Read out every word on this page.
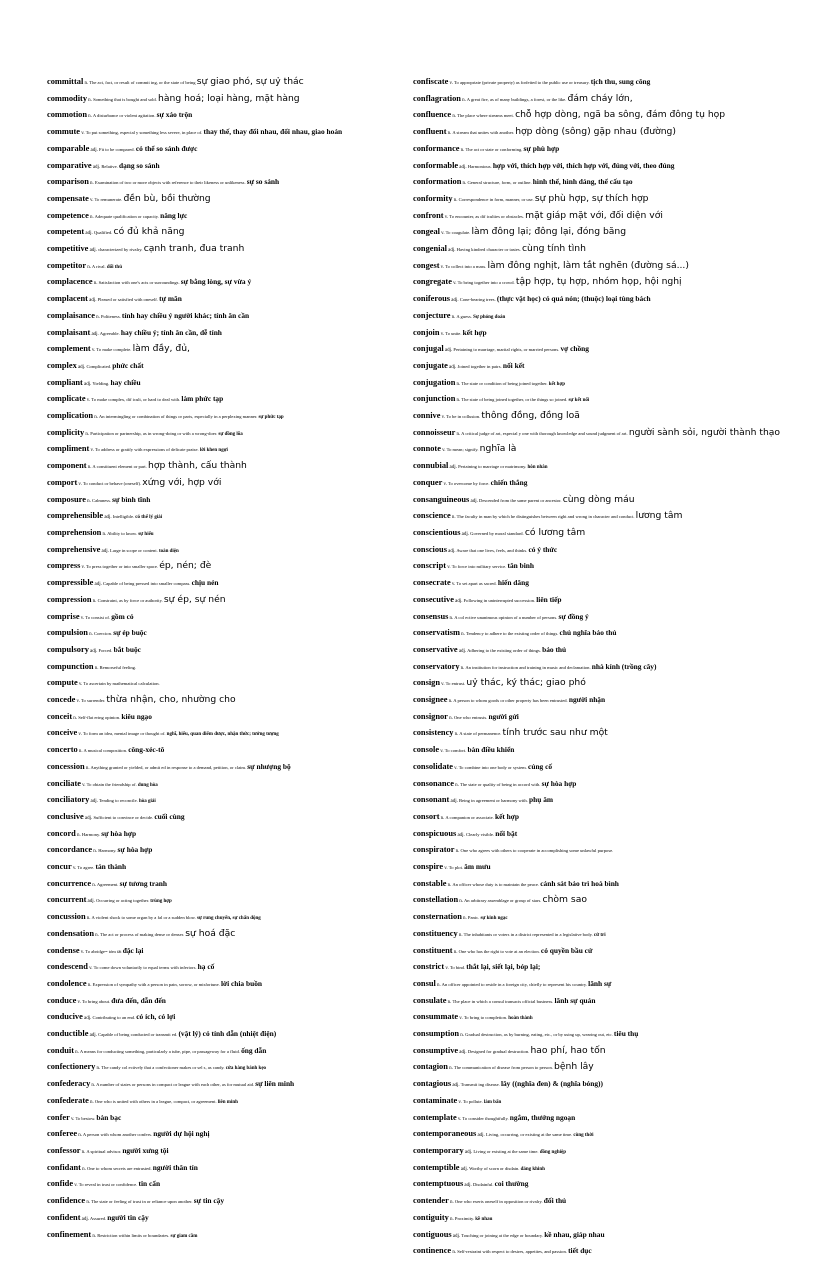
committal n. The act, fact, or result of commit ing, or the state of being sự giao phó, sự uỷ thác
commodity n. Something that is bought and sold. hàng hoá; loại hàng, mặt hàng
commotion n. A disturbance or violent agitation. sự xáo trộn
commute v. To put something, especial y something less severe, in place of. thay thế, thay đổi nhau, đổi nhau, giao hoán
comparable adj. Fit to be compared. có thể so sánh được
comparative adj. Relative. dạng so sánh
comparison n. Examination of two or more objects with reference to their likeness or unlikeness. sự so sánh
compensate v. To remunerate. đền bù, bồi thường
competence n. Adequate qualification or capacity. năng lực
competent adj. Qualified. có đủ khả năng
competitive adj. characterized by rivalry. cạnh tranh, đua tranh
competitor n. A rival. đối thủ
complacence n. Satisfaction with one's acts or surroundings. sự bằng lòng, sự vừa ý
complacent adj. Pleased or satisfied with oneself. tự mãn
complaisance n. Politeness. tính hay chiều ý người khác; tính ân cần
complaisant adj. Agreeable. hay chiều ý; tính ân cần, dễ tính
complement v. To make complete. làm đầy, đủ,
complex adj. Complicated. phức chất
compliant adj. Yielding. hay chiều
complicate v. To make complex, dif icult, or hard to deal with. làm phức tạp
complication n. An intermingling or combination of things or parts, especially in a perplexing manner. sự phức tạp
complicity n. Participation or partnership, as in wrong-doing or with a wrong-doer. sự đồng lõa
compliment v. To address or gratify with expressions of delicate praise. lời khen ngợi
component n. A constituent element or part. hợp thành, cấu thành
comport v. To conduct or behave (oneself). xứng với, hợp với
composure n. Calmness. sự bình tĩnh
comprehensible adj. Intelligible. có thể lý giải
comprehension n. Ability to know. sự hiểu
comprehensive adj. Large in scope or content. toàn diện
compress v. To press together or into smaller space. ép, nén; đè
compressible adj. Capable of being pressed into smaller compass. chịu nén
compression n. Constraint, as by force or authority. sự ép, sự nén
comprise v. To consist of. gồm có
compulsion n. Coercion. sự ép buộc
compulsory adj. Forced. bắt buộc
compunction n. Remorseful feeling.
compute v. To ascertain by mathematical calculation.
concede v. To surrender. thừa nhận, cho, nhường cho
conceit n. Self-flat ering opinion. kiêu ngạo
conceive v. To form an idea, mental image or thought of. nghĩ, hiểu, quan điểm được, nhận thức; tưởng tượng
concerto n. A musical composition. công-xéc-tô
concession n. Anything granted or yielded, or admit ed in response to a demand, petition, or claim. sự nhượng bộ
conciliate v. To obtain the friendship of. dung hòa
conciliatory adj. Tending to reconcile. hòa giải
conclusive adj. Sufficient to convince or decide. cuối cùng
concord n. Harmony. sự hòa hợp
concordance n. Harmony. sự hòa hợp
concur v. To agree. tán thành
concurrence n. Agreement. sự tương tranh
concurrent adj. Occurring or acting together. trùng hợp
concussion n. A violent shock to some organ by a fal or a sudden blow. sự rung chuyển, sự chấn động
condensation n. The act or process of making dense or denser. sự hoá đặc
condense v. To abridge= tóm tắt đặc lại
condescend v. To come down voluntarily to equal terms with inferiors. hạ cố
condolence n. Expression of sympathy with a person in pain, sorrow, or misfortune. lời chia buồn
conduce v. To bring about. đưa đến, dẫn đến
conducive adj. Contributing to an end. có ích, có lợi
conductible adj. Capable of being conducted or transmit ed. (vật lý) có tính dẫn (nhiệt điện)
conduit n. A means for conducting something, particularly a tube, pipe, or passageway for a fluid. ống dẫn
confectionery n. The candy col ectively that a confectioner makes or sel s, as candy. cửa hàng bánh kẹo
confederacy n. A number of states or persons in compact or league with each other, as for mutual aid. sự liên minh
confederate n. One who is united with others in a league, compact, or agreement. liên minh
confer v. To bestow. bàn bạc
conferee n. A person with whom another confers. người dự hội nghị
confessor n. A spiritual advisor. người xưng tội
confidant n. One to whom secrets are entrusted. người thân tín
confide v. To reveal in trust or confidence. tin cẩn
confidence n. The state or feeling of trust in or reliance upon another. sự tin cậy
confident adj. Assured. người tin cậy
confinement n. Restriction within limits or boundaries. sự giam cầm
confiscate v. To appropriate (private property) as forfeited to the public use or treasury. tịch thu, sung công
conflagration n. A great fire, as of many buildings, a forest, or the like. đám cháy lớn,
confluence n. The place where streams meet. chỗ hợp dòng, ngã ba sông, đám đông tụ họp
confluent n. A stream that unites with another. hợp dòng (sông) gặp nhau (đường)
conformance n. The act or state or conforming. sự phù hợp
conformable adj. Harmonious. hợp với, thích hợp với, thích hợp với, đúng với, theo đúng
conformation n. General structure, form, or outline. hình thể, hình dáng, thể cấu tạo
conformity n. Correspondence in form, manner, or use. sự phù hợp, sự thích hợp
confront v. To encounter, as dif iculties or obstacles. mặt giáp mặt với, đối diện với
congeal v. To coagulate. làm đông lại; đông lại, đóng băng
congenial adj. Having kindred character or tastes. cùng tính tình
congest v. To collect into a mass. làm đông nghịt, làm tắt nghẽn (đường sá...)
congregate v. To bring together into a crowd. tập hợp, tụ hợp, nhóm họp, hội nghị
coniferous adj. Cone-bearing trees. (thực vật học) có quả nón; (thuộc) loại tùng bách
conjecture n. A guess. Sự phỏng đoán
conjoin v. To unite. kết hợp
conjugal adj. Pertaining to marriage, marital rights, or married persons. vợ chồng
conjugate adj. Joined together in pairs. nối kết
conjugation n. The state or condition of being joined together. kết hợp
conjunction n. The state of being joined together, or the things so joined. sự kết nối
connive v. To be in collusion. thông đồng, đồng loã
connoisseur n. A critical judge of art, especial y one with thorough knowledge and sound judgment of art. người sành sỏi, người thành thạo
connote v. To mean; signify. nghĩa là
connubial adj. Pertaining to marriage or matrimony. hôn nhân
conquer v. To overcome by force. chiến thắng
consanguineous adj. Descended from the same parent or ancestor. cùng dòng máu
conscience n. The faculty in man by which he distinguishes between right and wrong in character and conduct. lương tâm
conscientious adj. Governed by moral standard. có lương tâm
conscious adj. Aware that one lives, feels, and thinks. có ý thức
conscript v. To force into military service. tân binh
consecrate v. To set apart as sacred. hiến dâng
consecutive adj. Following in uninterrupted succession. liên tiếp
consensus n. A col ective unanimous opinion of a number of persons. sự đồng ý
conservatism n. Tendency to adhere to the existing order of things. chủ nghĩa bảo thủ
conservative adj. Adhering to the existing order of things. bảo thủ
conservatory n. An institution for instruction and training in music and declamation. nhà kính (trồng cây)
consign v. To entrust. uỷ thác, ký thác; giao phó
consignee n. A person to whom goods or other property has been entrusted. người nhận
consignor n. One who entrusts. người gửi
consistency n. A state of permanence. tính trước sau như một
console v. To comfort. bàn điều khiển
consolidate v. To combine into one body or system. củng cố
consonance n. The state or quality of being in accord with. sự hòa hợp
consonant adj. Being in agreement or harmony with. phụ âm
consort n. A companion or associate. kết hợp
conspicuous adj. Clearly visible. nổi bật
conspirator n. One who agrees with others to cooperate in accomplishing some unlawful purpose.
conspire v. To plot. âm mưu
constable n. An officer whose duty is to maintain the peace. cảnh sát bảo trì hoà bình
constellation n. An arbitrary assemblage or group of stars. chòm sao
consternation n. Panic. sự kinh ngạc
constituency n. The inhabitants or voters in a district represented in a legislative body. cử tri
constituent n. One who has the right to vote at an election. có quyền bầu cử
constrict v. To bind. thắt lại, siết lại, bóp lại;
consul n. An officer appointed to reside in a foreign city, chiefly to represent his country. lãnh sự
consulate n. The place in which a consul transacts official business. lãnh sự quán
consummate v. To bring to completion. hoàn thành
consumption n. Gradual destruction, as by burning, eating, etc., or by using up, wearing out, etc. tiêu thụ
consumptive adj. Designed for gradual destruction. hao phí, hao tốn
contagion n. The communication of disease from person to person. bệnh lây
contagious adj. Transmit ing disease. lây ((nghĩa đen) & (nghĩa bóng))
contaminate v. To pollute. làm bẩn
contemplate v. To consider thoughtfully. ngắm, thưởng ngoạn
contemporaneous adj. Living, occurring, or existing at the same time. cùng thời
contemporary adj. Living or existing at the same time. đồng nghiệp
contemptible adj. Worthy of scorn or disdain. đáng khinh
contemptuous adj. Disdainful. coi thường
contender n. One who exerts oneself in opposition or rivalry. đối thủ
contiguity n. Proximity. kề nhau
contiguous adj. Touching or joining at the edge or boundary. kề nhau, giáp nhau
continence n. Self-restraint with respect to desires, appetites, and passion. tiết dục
